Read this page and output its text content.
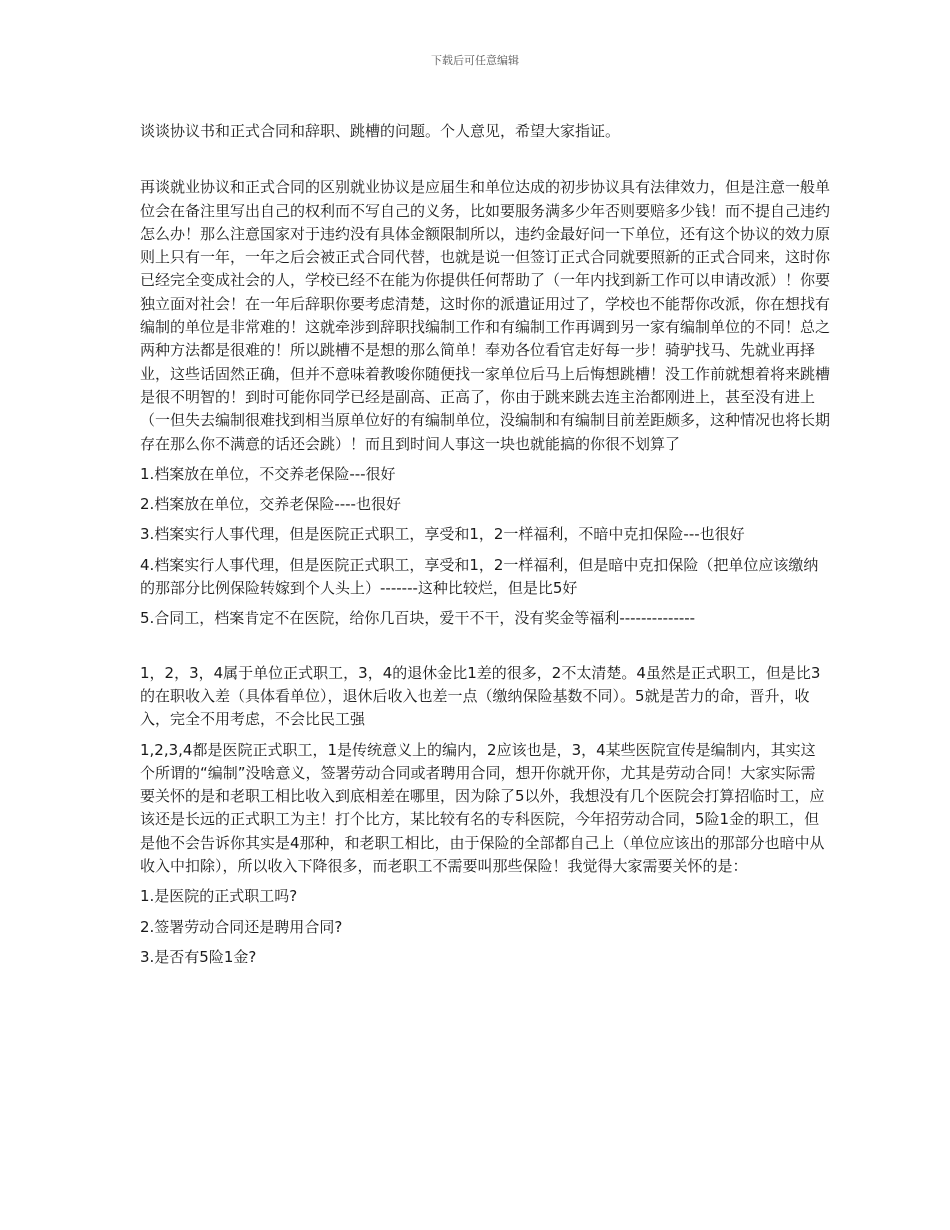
下载后可任意编辑

谈谈协议书和正式合同和辞职、跳槽的问题。个人意见，希望大家指证。

再谈就业协议和正式合同的区别就业协议是应届生和单位达成的初步协议具有法律效力，但是注意一般单位会在备注里写出自己的权利而不写自己的义务，比如要服务满多少年否则要赔多少钱！而不提自己违约怎么办！那么注意国家对于违约没有具体金额限制所以，违约金最好问一下单位，还有这个协议的效力原则上只有一年，一年之后会被正式合同代替，也就是说一但签订正式合同就要照新的正式合同来，这时你已经完全变成社会的人，学校已经不在能为你提供任何帮助了（一年内找到新工作可以申请改派）！你要独立面对社会！在一年后辞职你要考虑清楚，这时你的派遣证用过了，学校也不能帮你改派，你在想找有编制的单位是非常难的！这就牵涉到辞职找编制工作和有编制工作再调到另一家有编制单位的不同！总之两种方法都是很难的！所以跳槽不是想的那么简单！奉劝各位看官走好每一步！骑驴找马、先就业再择业，这些话固然正确，但并不意味着教唆你随便找一家单位后马上后悔想跳槽！没工作前就想着将来跳槽是很不明智的！到时可能你同学已经是副高、正高了，你由于跳来跳去连主治都刚进上，甚至没有进上（一但失去编制很难找到相当原单位好的有编制单位，没编制和有编制目前差距颇多，这种情况也将长期存在那么你不满意的话还会跳）！而且到时间人事这一块也就能搞的你很不划算了

1.档案放在单位，不交养老保险---很好

2.档案放在单位，交养老保险----也很好

3.档案实行人事代理，但是医院正式职工，享受和1，2一样福利，不暗中克扣保险---也很好

4.档案实行人事代理，但是医院正式职工，享受和1，2一样福利，但是暗中克扣保险（把单位应该缴纳的那部分比例保险转嫁到个人头上）-------这种比较烂，但是比5好

5.合同工，档案肯定不在医院，给你几百块，爱干不干，没有奖金等福利--------------

1，2，3，4属于单位正式职工，3，4的退休金比1差的很多，2不太清楚。4虽然是正式职工，但是比3的在职收入差（具体看单位），退休后收入也差一点（缴纳保险基数不同）。5就是苦力的命，晋升，收入，完全不用考虑，不会比民工强

1,2,3,4都是医院正式职工，1是传统意义上的编内，2应该也是，3，4某些医院宣传是编制内，其实这个所谓的“编制”没啥意义，签署劳动合同或者聘用合同，想开你就开你，尤其是劳动合同！大家实际需要关怀的是和老职工相比收入到底相差在哪里，因为除了5以外，我想没有几个医院会打算招临时工，应该还是长远的正式职工为主！打个比方，某比较有名的专科医院，今年招劳动合同，5险1金的职工，但是他不会告诉你其实是4那种，和老职工相比，由于保险的全部都自己上（单位应该出的那部分也暗中从收入中扣除），所以收入下降很多，而老职工不需要叫那些保险！我觉得大家需要关怀的是：

1.是医院的正式职工吗?

2.签署劳动合同还是聘用合同?

3.是否有5险1金?
